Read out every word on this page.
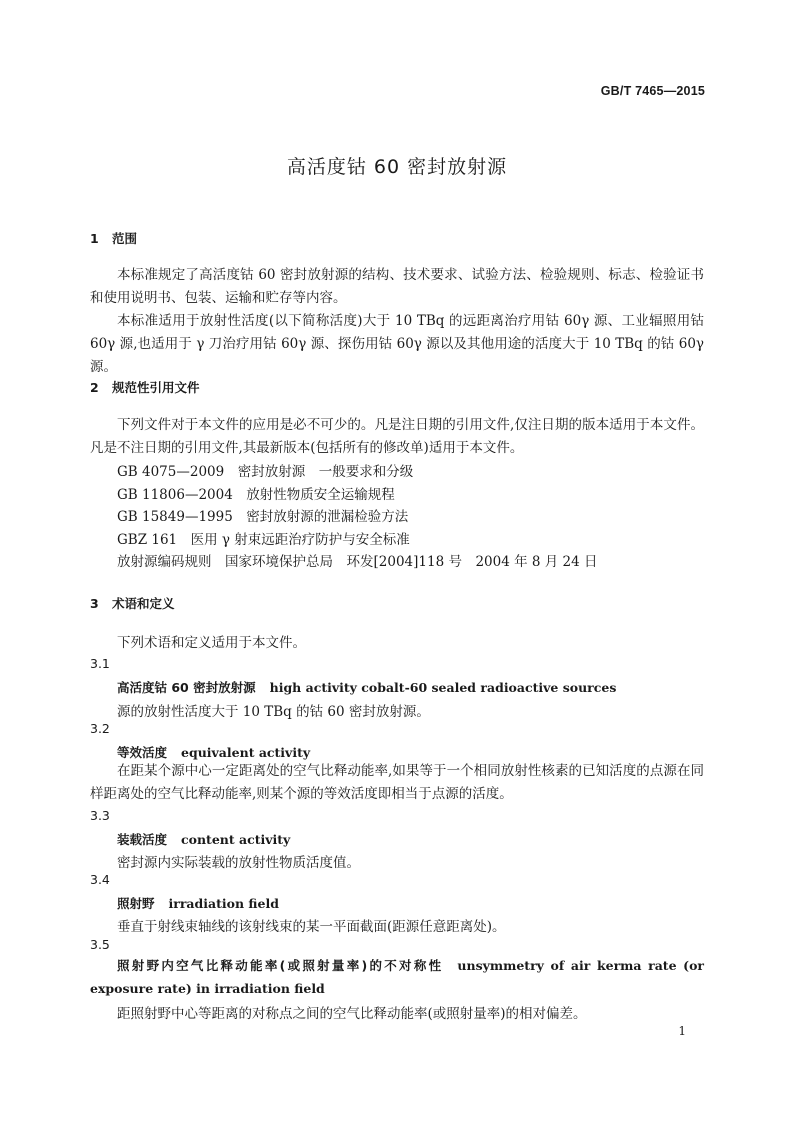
GB/T 7465—2015
高活度钴 60 密封放射源
1 范围

本标准规定了高活度钴 60 密封放射源的结构、技术要求、试验方法、检验规则、标志、检验证书和使用说明书、包装、运输和贮存等内容。

本标准适用于放射性活度(以下简称活度)大于 10 TBq 的远距离治疗用钴 60γ 源、工业辐照用钴 60γ 源,也适用于 γ 刀治疗用钴 60γ 源、探伤用钴 60γ 源以及其他用途的活度大于 10 TBq 的钴 60γ 源。

2 规范性引用文件

下列文件对于本文件的应用是必不可少的。凡是注日期的引用文件,仅注日期的版本适用于本文件。凡是不注日期的引用文件,其最新版本(包括所有的修改单)适用于本文件。

GB 4075—2009　密封放射源　一般要求和分级
GB 11806—2004　放射性物质安全运输规程
GB 15849—1995　密封放射源的泄漏检验方法
GBZ 161　医用 γ 射束远距治疗防护与安全标准
放射源编码规则　国家环境保护总局　环发[2004]118 号　2004 年 8 月 24 日
3 术语和定义
下列术语和定义适用于本文件。
3.1
高活度钴 60 密封放射源 high activity cobalt-60 sealed radioactive sources
源的放射性活度大于 10 TBq 的钴 60 密封放射源。
3.2
等效活度 equivalent activity

在距某个源中心一定距离处的空气比释动能率,如果等于一个相同放射性核素的已知活度的点源在同样距离处的空气比释动能率,则某个源的等效活度即相当于点源的活度。

3.3
装载活度 content activity
密封源内实际装载的放射性物质活度值。
3.4
照射野 irradiation field
垂直于射线束轴线的该射线束的某一平面截面(距源任意距离处)。
3.5

照射野内空气比释动能率(或照射量率)的不对称性 unsymmetry of air kerma rate (or exposure rate) in irradiation field

距照射野中心等距离的对称点之间的空气比释动能率(或照射量率)的相对偏差。
1
